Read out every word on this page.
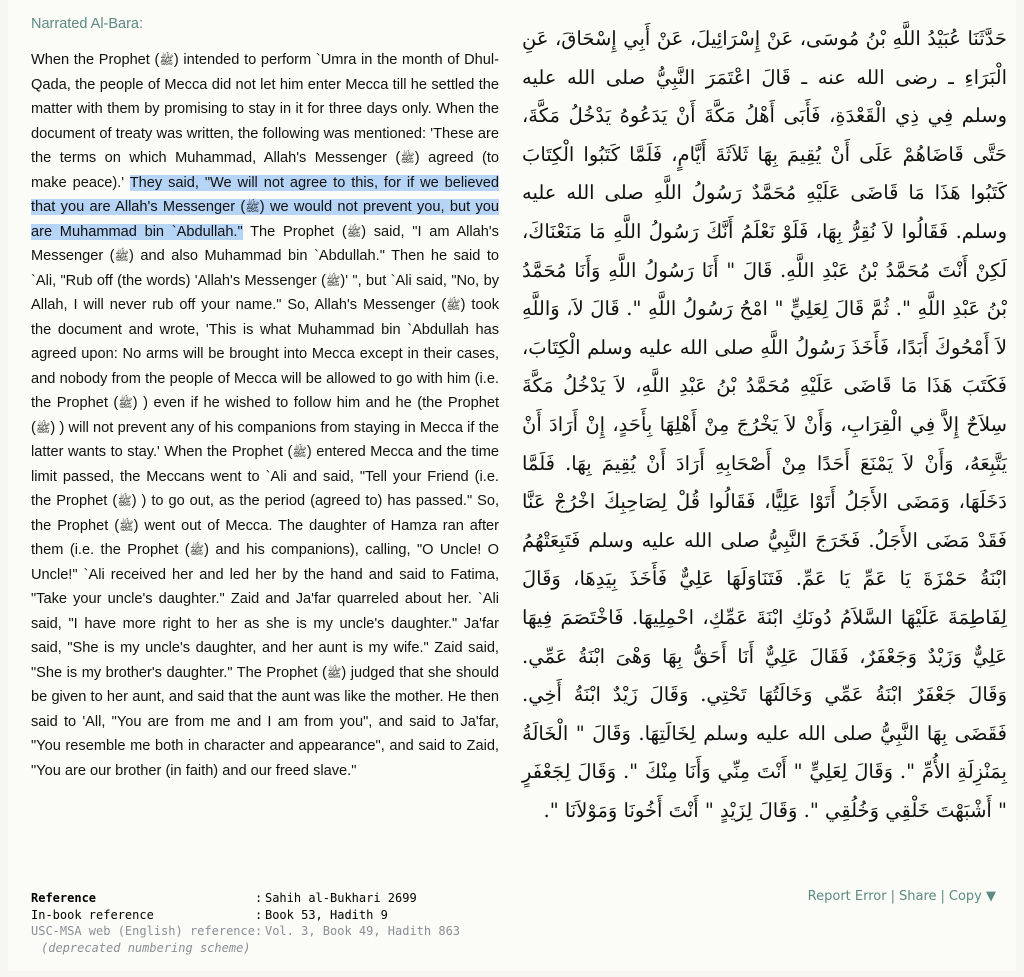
Narrated Al-Bara:

When the Prophet (ﷺ) intended to perform `Umra in the month of Dhul-Qada, the people of Mecca did not let him enter Mecca till he settled the matter with them by promising to stay in it for three days only. When the document of treaty was written, the following was mentioned: 'These are the terms on which Muhammad, Allah's Messenger (ﷺ) agreed (to make peace).' They said, "We will not agree to this, for if we believed that you are Allah's Messenger (ﷺ) we would not prevent you, but you are Muhammad bin `Abdullah." The Prophet (ﷺ) said, "I am Allah's Messenger (ﷺ) and also Muhammad bin `Abdullah." Then he said to `Ali, "Rub off (the words) 'Allah's Messenger (ﷺ)' ", but `Ali said, "No, by Allah, I will never rub off your name." So, Allah's Messenger (ﷺ) took the document and wrote, 'This is what Muhammad bin `Abdullah has agreed upon: No arms will be brought into Mecca except in their cases, and nobody from the people of Mecca will be allowed to go with him (i.e. the Prophet (ﷺ) ) even if he wished to follow him and he (the Prophet (ﷺ) ) will not prevent any of his companions from staying in Mecca if the latter wants to stay.' When the Prophet (ﷺ) entered Mecca and the time limit passed, the Meccans went to `Ali and said, "Tell your Friend (i.e. the Prophet (ﷺ) ) to go out, as the period (agreed to) has passed." So, the Prophet (ﷺ) went out of Mecca. The daughter of Hamza ran after them (i.e. the Prophet (ﷺ) and his companions), calling, "O Uncle! O Uncle!" `Ali received her and led her by the hand and said to Fatima, "Take your uncle's daughter." Zaid and Ja'far quarreled about her. `Ali said, "I have more right to her as she is my uncle's daughter." Ja'far said, "She is my uncle's daughter, and her aunt is my wife." Zaid said, "She is my brother's daughter." The Prophet (ﷺ) judged that she should be given to her aunt, and said that the aunt was like the mother. He then said to 'All, "You are from me and I am from you", and said to Ja'far, "You resemble me both in character and appearance", and said to Zaid, "You are our brother (in faith) and our freed slave."

حَدَّثَنَا عُبَيْدُ اللَّهِ بْنُ مُوسَى، عَنْ إِسْرَائِيلَ، عَنْ أَبِي إِسْحَاقَ، عَنِ الْبَرَاءِ ـ رضى الله عنه ـ قَالَ اعْتَمَرَ النَّبِيُّ صلى الله عليه وسلم فِي ذِي الْقَعْدَةِ، فَأَبَى أَهْلُ مَكَّةَ أَنْ يَدَعُوهُ يَدْخُلُ مَكَّةَ، حَتَّى قَاضَاهُمْ عَلَى أَنْ يُقِيمَ بِهَا ثَلاَثَةَ أَيَّامٍ، فَلَمَّا كَتَبُوا الْكِتَابَ كَتَبُوا هَذَا مَا قَاضَى عَلَيْهِ مُحَمَّدٌ رَسُولُ اللَّهِ صلى الله عليه وسلم. فَقَالُوا لاَ نُقِرُّ بِهَا، فَلَوْ نَعْلَمُ أَنَّكَ رَسُولُ اللَّهِ مَا مَنَعْنَاكَ، لَكِنْ أَنْتَ مُحَمَّدُ بْنُ عَبْدِ اللَّهِ‏.‏ قَالَ ‏"‏ أَنَا رَسُولُ اللَّهِ وَأَنَا مُحَمَّدُ بْنُ عَبْدِ اللَّهِ ‏"‏‏.‏ ثُمَّ قَالَ لِعَلِيٍّ ‏"‏ امْحُ رَسُولُ اللَّهِ ‏"‏‏.‏ قَالَ لاَ، وَاللَّهِ لاَ أَمْحُوكَ أَبَدًا، فَأَخَذَ رَسُولُ اللَّهِ صلى الله عليه وسلم الْكِتَابَ، فَكَتَبَ هَذَا مَا قَاضَى عَلَيْهِ مُحَمَّدُ بْنُ عَبْدِ اللَّهِ، لاَ يَدْخُلُ مَكَّةَ سِلاَحٌ إِلاَّ فِي الْقِرَابِ، وَأَنْ لاَ يَخْرُجَ مِنْ أَهْلِهَا بِأَحَدٍ، إِنْ أَرَادَ أَنْ يَتَّبِعَهُ، وَأَنْ لاَ يَمْنَعَ أَحَدًا مِنْ أَصْحَابِهِ أَرَادَ أَنْ يُقِيمَ بِهَا‏.‏ فَلَمَّا دَخَلَهَا، وَمَضَى الأَجَلُ أَتَوْا عَلِيًّا، فَقَالُوا قُلْ لِصَاحِبِكَ اخْرُجْ عَنَّا فَقَدْ مَضَى الأَجَلُ‏.‏ فَخَرَجَ النَّبِيُّ صلى الله عليه وسلم فَتَبِعَتْهُمُ ابْنَةُ حَمْزَةَ يَا عَمِّ يَا عَمِّ‏.‏ فَتَنَاوَلَهَا عَلِيٌّ فَأَخَذَ بِيَدِهَا، وَقَالَ لِفَاطِمَةَ عَلَيْهَا السَّلاَمُ دُونَكِ ابْنَةَ عَمِّكِ، احْمِلِيهَا‏.‏ فَاخْتَصَمَ فِيهَا عَلِيٌّ وَزَيْدٌ وَجَعْفَرٌ، فَقَالَ عَلِيٌّ أَنَا أَحَقُّ بِهَا وَهْىَ ابْنَةُ عَمِّي‏.‏ وَقَالَ جَعْفَرٌ ابْنَةُ عَمِّي وَخَالَتُهَا تَحْتِي‏.‏ وَقَالَ زَيْدٌ ابْنَةُ أَخِي‏.‏ فَقَضَى بِهَا النَّبِيُّ صلى الله عليه وسلم لِخَالَتِهَا‏.‏ وَقَالَ ‏"‏ الْخَالَةُ بِمَنْزِلَةِ الأُمِّ ‏"‏‏.‏ وَقَالَ لِعَلِيٍّ ‏"‏ أَنْتَ مِنِّي وَأَنَا مِنْكَ ‏"‏‏.‏ وَقَالَ لِجَعْفَرٍ ‏"‏ أَشْبَهْتَ خَلْقِي وَخُلُقِي ‏"‏‏.‏ وَقَالَ لِزَيْدٍ ‏"‏ أَنْتَ أَخُونَا وَمَوْلاَنَا ‏"‏‏.‏

Reference	:	Sahih al-Bukhari 2699
In-book reference	:	Book 53, Hadith 9
USC-MSA web (English) reference	:	Vol. 3, Book 49, Hadith 863
(deprecated numbering scheme)		
Report Error | Share | Copy ▼
